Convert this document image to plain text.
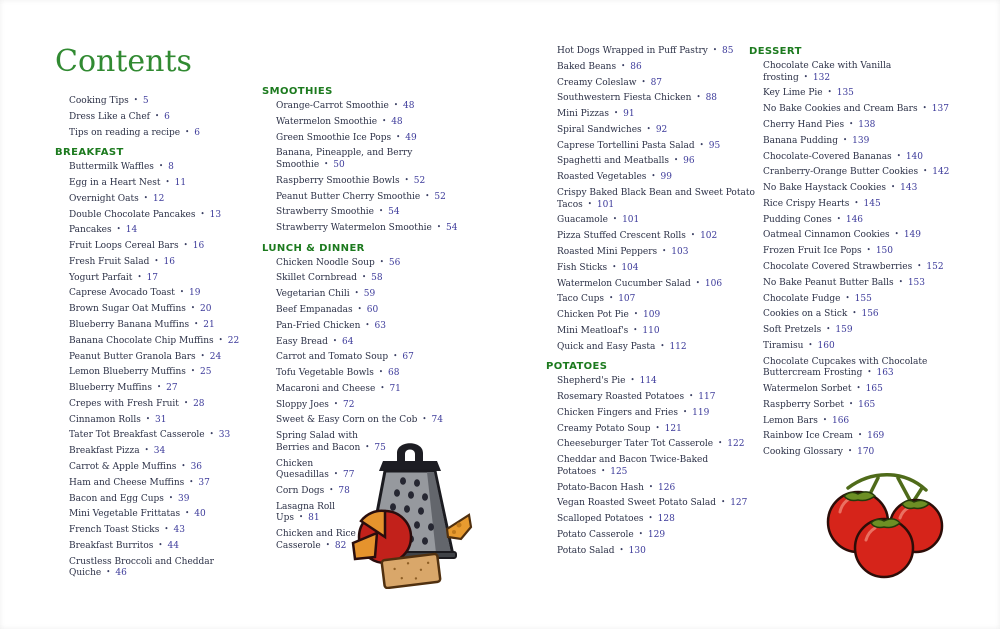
Contents
Cooking Tips • 5
Dress Like a Chef • 6
Tips on reading a recipe • 6
BREAKFAST
Buttermilk Waffles • 8
Egg in a Heart Nest • 11
Overnight Oats • 12
Double Chocolate Pancakes • 13
Pancakes • 14
Fruit Loops Cereal Bars • 16
Fresh Fruit Salad • 16
Yogurt Parfait • 17
Caprese Avocado Toast • 19
Brown Sugar Oat Muffins • 20
Blueberry Banana Muffins • 21
Banana Chocolate Chip Muffins • 22
Peanut Butter Granola Bars • 24
Lemon Blueberry Muffins • 25
Blueberry Muffins • 27
Crepes with Fresh Fruit • 28
Cinnamon Rolls • 31
Tater Tot Breakfast Casserole • 33
Breakfast Pizza • 34
Carrot & Apple Muffins • 36
Ham and Cheese Muffins • 37
Bacon and Egg Cups • 39
Mini Vegetable Frittatas • 40
French Toast Sticks • 43
Breakfast Burritos • 44
Crustless Broccoli and Cheddar
Quiche • 46
SMOOTHIES
Orange-Carrot Smoothie • 48
Watermelon Smoothie • 48
Green Smoothie Ice Pops • 49
Banana, Pineapple, and Berry
Smoothie • 50
Raspberry Smoothie Bowls • 52
Peanut Butter Cherry Smoothie • 52
Strawberry Smoothie • 54
Strawberry Watermelon Smoothie • 54
LUNCH & DINNER
Chicken Noodle Soup • 56
Skillet Cornbread • 58
Vegetarian Chili • 59
Beef Empanadas • 60
Pan-Fried Chicken • 63
Easy Bread • 64
Carrot and Tomato Soup • 67
Tofu Vegetable Bowls • 68
Macaroni and Cheese • 71
Sloppy Joes • 72
Sweet & Easy Corn on the Cob • 74
Spring Salad with
Berries and Bacon • 75
Chicken
Quesadillas • 77
Corn Dogs • 78
Lasagna Roll
Ups • 81
Chicken and Rice
Casserole • 82
Hot Dogs Wrapped in Puff Pastry • 85
Baked Beans • 86
Creamy Coleslaw • 87
Southwestern Fiesta Chicken • 88
Mini Pizzas • 91
Spiral Sandwiches • 92
Caprese Tortellini Pasta Salad • 95
Spaghetti and Meatballs • 96
Roasted Vegetables • 99
Crispy Baked Black Bean and Sweet Potato
Tacos • 101
Guacamole • 101
Pizza Stuffed Crescent Rolls • 102
Roasted Mini Peppers • 103
Fish Sticks • 104
Watermelon Cucumber Salad • 106
Taco Cups • 107
Chicken Pot Pie • 109
Mini Meatloaf's • 110
Quick and Easy Pasta • 112
POTATOES
Shepherd's Pie • 114
Rosemary Roasted Potatoes • 117
Chicken Fingers and Fries • 119
Creamy Potato Soup • 121
Cheeseburger Tater Tot Casserole • 122
Cheddar and Bacon Twice-Baked
Potatoes • 125
Potato-Bacon Hash • 126
Vegan Roasted Sweet Potato Salad • 127
Scalloped Potatoes • 128
Potato Casserole • 129
Potato Salad • 130
DESSERT
Chocolate Cake with Vanilla
frosting • 132
Key Lime Pie • 135
No Bake Cookies and Cream Bars • 137
Cherry Hand Pies • 138
Banana Pudding • 139
Chocolate-Covered Bananas • 140
Cranberry-Orange Butter Cookies • 142
No Bake Haystack Cookies • 143
Rice Crispy Hearts • 145
Pudding Cones • 146
Oatmeal Cinnamon Cookies • 149
Frozen Fruit Ice Pops • 150
Chocolate Covered Strawberries • 152
No Bake Peanut Butter Balls • 153
Chocolate Fudge • 155
Cookies on a Stick • 156
Soft Pretzels • 159
Tiramisu • 160
Chocolate Cupcakes with Chocolate
Buttercream Frosting • 163
Watermelon Sorbet • 165
Raspberry Sorbet • 165
Lemon Bars • 166
Rainbow Ice Cream • 169
Cooking Glossary • 170
